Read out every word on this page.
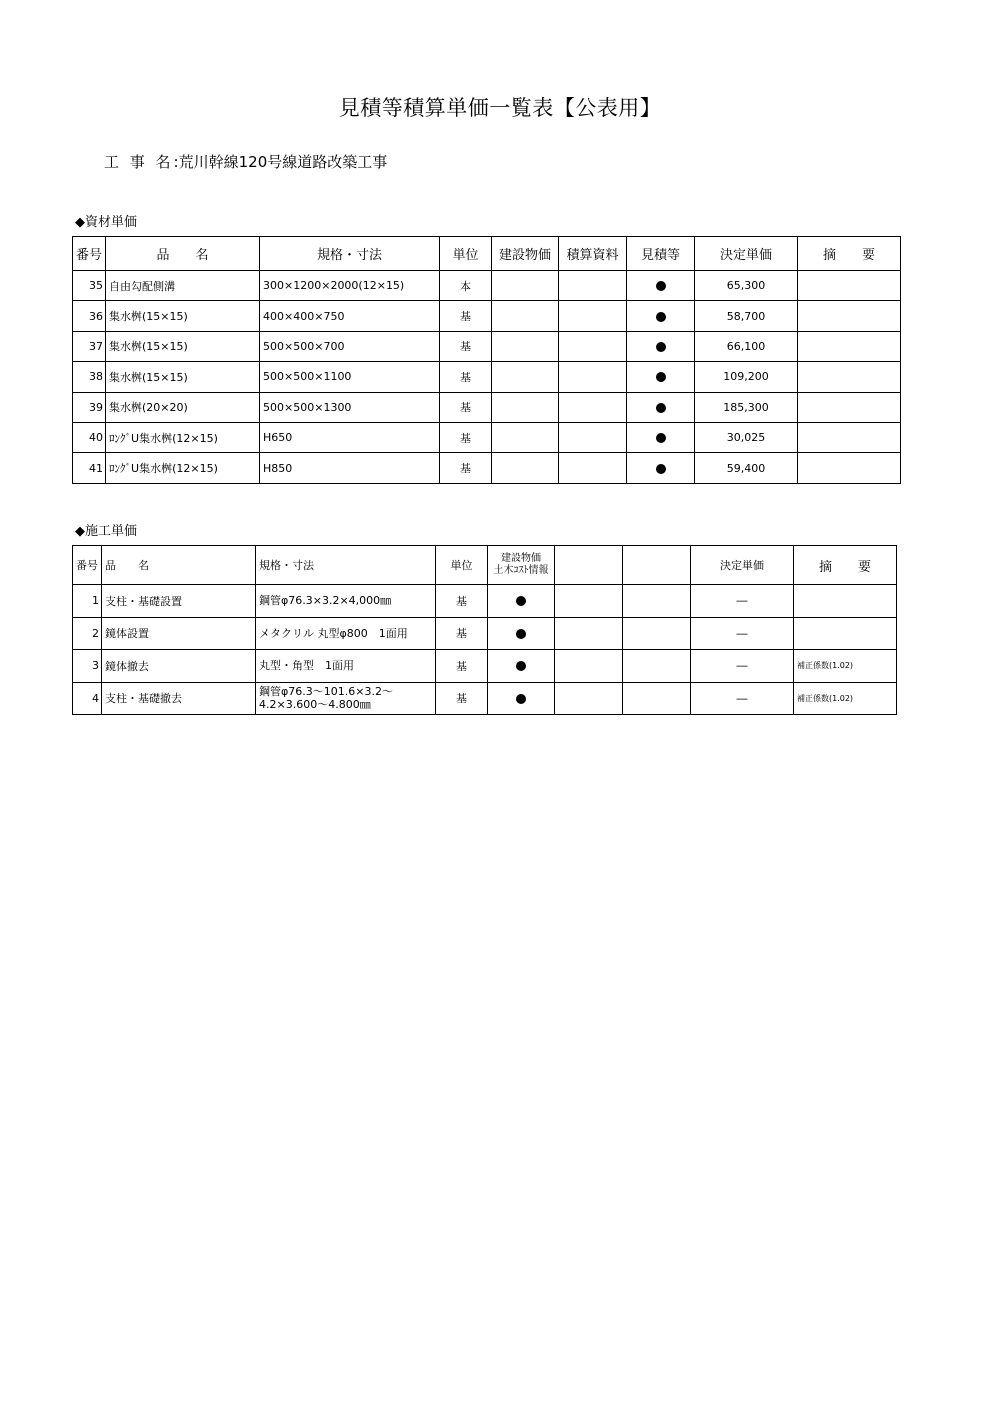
見積等積算単価一覧表【公表用】
工 事 名:荒川幹線120号線道路改築工事
◆資材単価
番号	品　　名	規格・寸法	単位	建設物価	積算資料	見積等	決定単価	摘　　要
35	自由勾配側溝	300×1200×2000(12×15)	本				65,300	
36	集水桝(15×15)	400×400×750	基				58,700	
37	集水桝(15×15)	500×500×700	基				66,100	
38	集水桝(15×15)	500×500×1100	基				109,200	
39	集水桝(20×20)	500×500×1300	基				185,300	
40	ﾛﾝｸﾞU集水桝(12×15)	H650	基				30,025	
41	ﾛﾝｸﾞU集水桝(12×15)	H850	基				59,400	
◆施工単価
番号	品　　名	規格・寸法	単位	建設物価
土木ｺｽﾄ情報			決定単価	摘　　要
1	支柱・基礎設置	鋼管φ76.3×3.2×4,000㎜	基				―	
2	鏡体設置	メタクリル 丸型φ800　1面用	基				―	
3	鏡体撤去	丸型・角型　1面用	基				―	補正係数(1.02)
4	支柱・基礎撤去	鋼管φ76.3～101.6×3.2～4.2×3.600～4.800㎜	基				―	補正係数(1.02)
